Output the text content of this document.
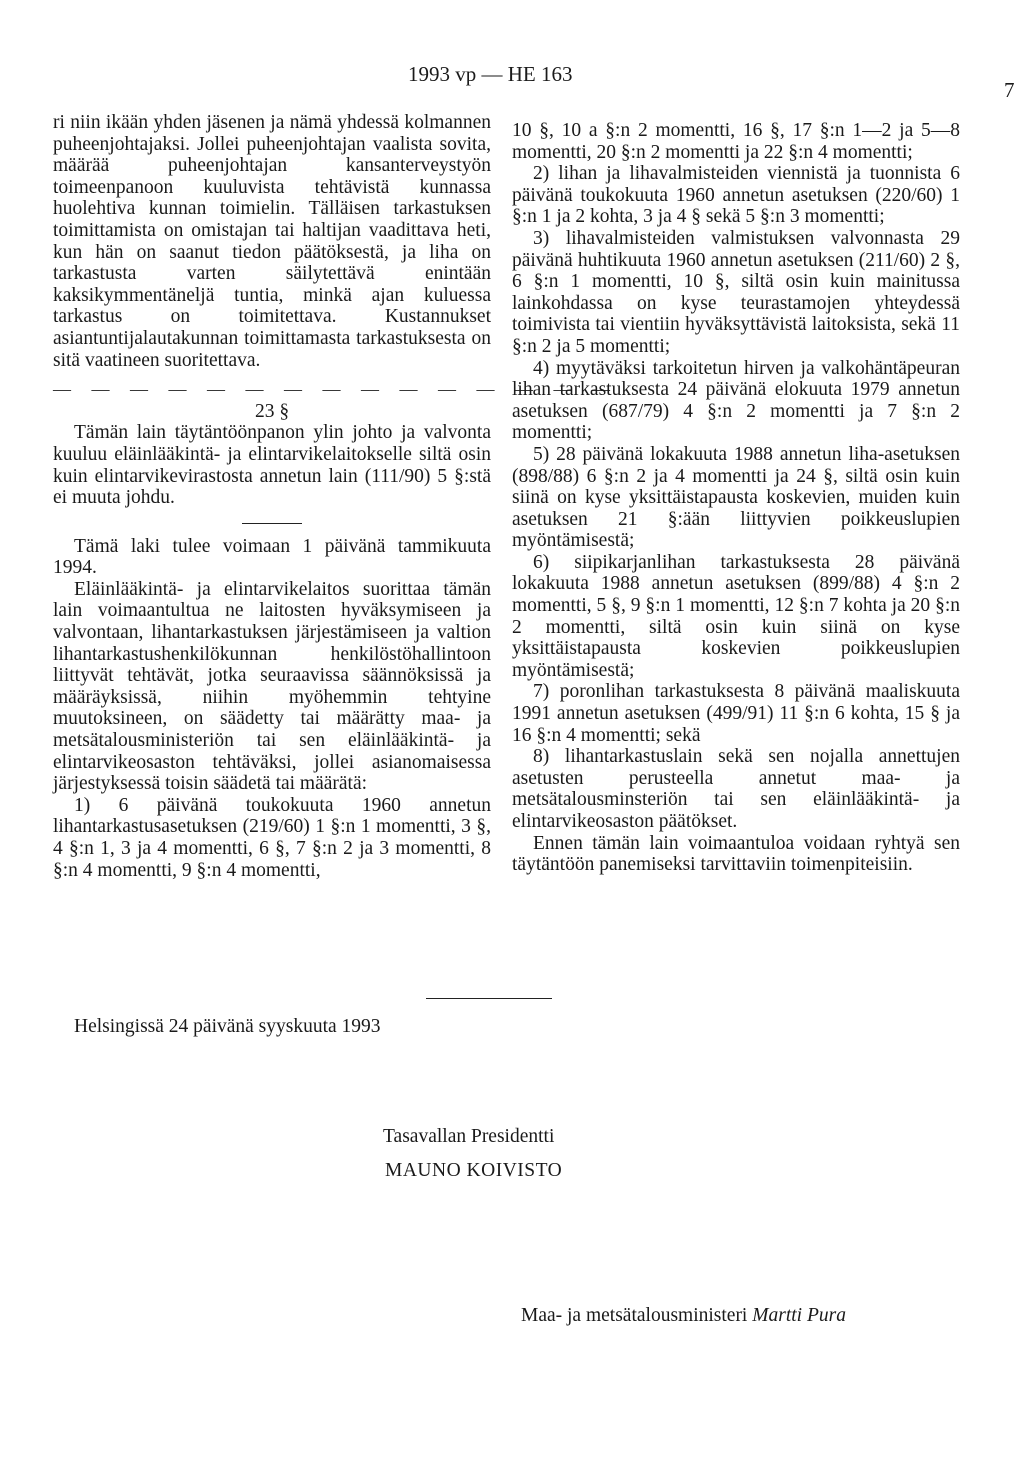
1993 vp — HE 163
7

ri niin ikään yhden jäsenen ja nämä yhdessä kolmannen puheenjohtajaksi. Jollei puheenjohtajan vaalista sovita, määrää puheenjohtajan kansanterveystyön toimeenpanoon kuuluvista tehtävistä kunnassa huolehtiva kunnan toimielin. Tälläisen tarkastuksen toimittamista on omistajan tai haltijan vaadittava heti, kun hän on saanut tiedon päätöksestä, ja liha on tarkastusta varten säilytettävä enintään kaksikymmentäneljä tuntia, minkä ajan kuluessa tarkastus on toimitettava. Kustannukset asiantuntijalautakunnan toimittamasta tarkastuksesta on sitä vaatineen suoritettava.

— — — — — — — — — — — — — — —

23 §

Tämän lain täytäntöönpanon ylin johto ja valvonta kuuluu eläinlääkintä- ja elintarvikelaitokselle siltä osin kuin elintarvikevirastosta annetun lain (111/90) 5 §:stä ei muuta johdu.

Tämä laki tulee voimaan 1 päivänä tammikuuta 1994.

Eläinlääkintä- ja elintarvikelaitos suorittaa tämän lain voimaantultua ne laitosten hyväksymiseen ja valvontaan, lihantarkastuksen järjestämiseen ja valtion lihantarkastushenkilökunnan henkilöstöhallintoon liittyvät tehtävät, jotka seuraavissa säännöksissä ja määräyksissä, niihin myöhemmin tehtyine muutoksineen, on säädetty tai määrätty maa- ja metsätalousministeriön tai sen eläinlääkintä- ja elintarvikeosaston tehtäväksi, jollei asianomaisessa järjestyksessä toisin säädetä tai määrätä:

1) 6 päivänä toukokuuta 1960 annetun lihantarkastusasetuksen (219/60) 1 §:n 1 momentti, 3 §, 4 §:n 1, 3 ja 4 momentti, 6 §, 7 §:n 2 ja 3 momentti, 8 §:n 4 momentti, 9 §:n 4 momentti,

10 §, 10 a §:n 2 momentti, 16 §, 17 §:n 1—2 ja 5—8 momentti, 20 §:n 2 momentti ja 22 §:n 4 momentti;

2) lihan ja lihavalmisteiden viennistä ja tuonnista 6 päivänä toukokuuta 1960 annetun asetuksen (220/60) 1 §:n 1 ja 2 kohta, 3 ja 4 § sekä 5 §:n 3 momentti;

3) lihavalmisteiden valmistuksen valvonnasta 29 päivänä huhtikuuta 1960 annetun asetuksen (211/60) 2 §, 6 §:n 1 momentti, 10 §, siltä osin kuin mainitussa lainkohdassa on kyse teurastamojen yhteydessä toimivista tai vientiin hyväksyttävistä laitoksista, sekä 11 §:n 2 ja 5 momentti;

4) myytäväksi tarkoitetun hirven ja valkohäntäpeuran lihan tarkastuksesta 24 päivänä elokuuta 1979 annetun asetuksen (687/79) 4 §:n 2 momentti ja 7 §:n 2 momentti;

5) 28 päivänä lokakuuta 1988 annetun liha-asetuksen (898/88) 6 §:n 2 ja 4 momentti ja 24 §, siltä osin kuin siinä on kyse yksittäistapausta koskevien, muiden kuin asetuksen 21 §:ään liittyvien poikkeuslupien myöntämisestä;

6) siipikarjanlihan tarkastuksesta 28 päivänä lokakuuta 1988 annetun asetuksen (899/88) 4 §:n 2 momentti, 5 §, 9 §:n 1 momentti, 12 §:n 7 kohta ja 20 §:n 2 momentti, siltä osin kuin siinä on kyse yksittäistapausta koskevien poikkeuslupien myöntämisestä;

7) poronlihan tarkastuksesta 8 päivänä maaliskuuta 1991 annetun asetuksen (499/91) 11 §:n 6 kohta, 15 § ja 16 §:n 4 momentti; sekä

8) lihantarkastuslain sekä sen nojalla annettujen asetusten perusteella annetut maa- ja metsätalousminsteriön tai sen eläinlääkintä- ja elintarvikeosaston päätökset.

Ennen tämän lain voimaantuloa voidaan ryhtyä sen täytäntöön panemiseksi tarvittaviin toimenpiteisiin.

Helsingissä 24 päivänä syyskuuta 1993
Tasavallan Presidentti
MAUNO KOIVISTO
Maa- ja metsätalousministeri Martti Pura
